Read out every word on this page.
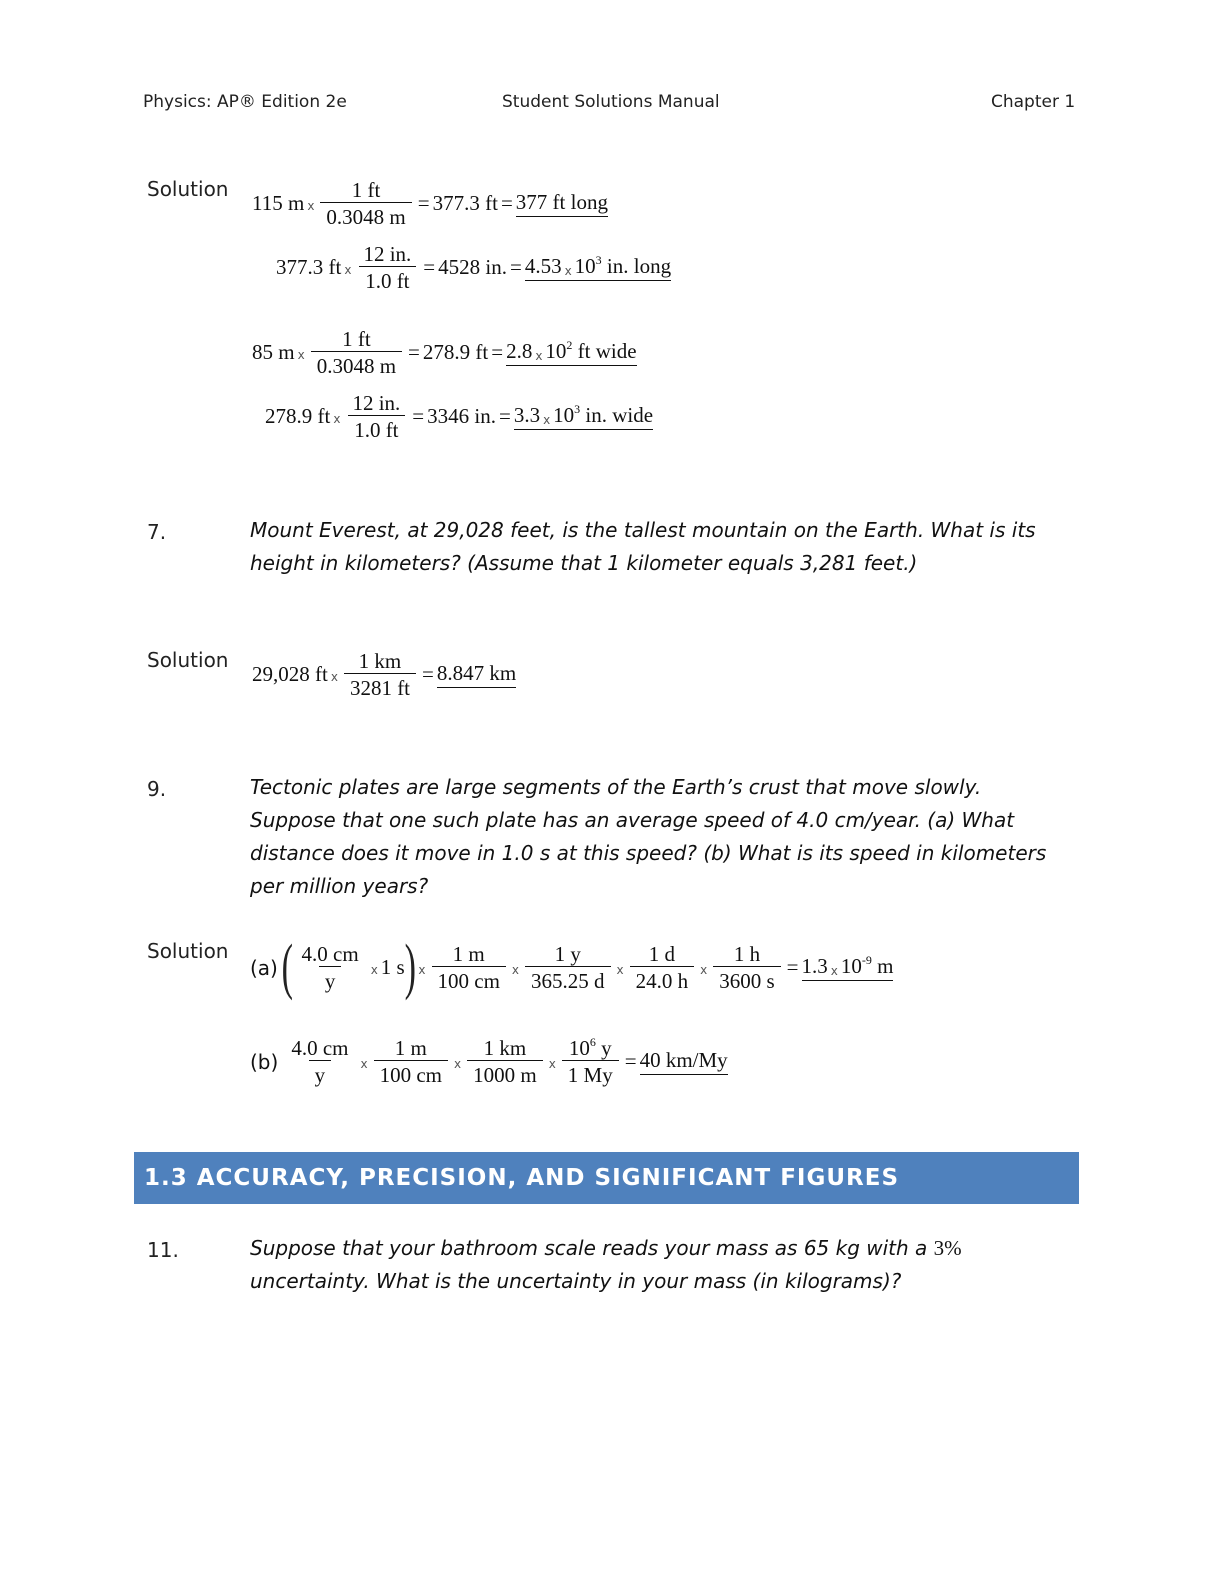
Physics: AP® Edition 2e	Student Solutions Manual	Chapter 1
Solution
115 m x $\frac{1 ft}{0.3048 m} = 377.3$ ft = 377 ft long
377.3 ft x $\frac{12 in.}{1.0 ft} = 4528$ in. = 4.53 x $10^3$ in. long
85 m x $\frac{1 ft}{0.3048 m} = 278.9$ ft = 2.8 x $10^2$ ft wide
278.9 ft x $\frac{12 in.}{1.0 ft} = 3346$ in. = 3.3 x $10^3$ in. wide
7.	Mount Everest, at 29,028 feet, is the tallest mountain on the Earth. What is its height in kilometers? (Assume that 1 kilometer equals 3,281 feet.)

Solution
29,028 ft x $\frac{1 km}{3281 ft} = 8.847$ km
9.	Tectonic plates are large segments of the Earth’s crust that move slowly. Suppose that one such plate has an average speed of 4.0 cm/year. (a) What distance does it move in 1.0 s at this speed? (b) What is its speed in kilometers per million years?

Solution
(a) ( $\frac{4.0 cm}{y}$ x 1 s ) x $\frac{1 m}{100 cm}$ x $\frac{1 y}{365.25 d}$ x $\frac{1 d}{24.0 h}$ x $\frac{1 h}{3600 s} = 1.3$ x $10^{-9}$ m
$(b) \frac{4.0 cm}{y}$ x $\frac{1 m}{100 cm}$ x $\frac{1 km}{1000 m}$ x $\frac{10^6 y}{1 My} = 40$ km/My
1.3 ACCURACY, PRECISION, AND SIGNIFICANT FIGURES
11.	Suppose that your bathroom scale reads your mass as 65 kg with a 3% uncertainty. What is the uncertainty in your mass (in kilograms)?
